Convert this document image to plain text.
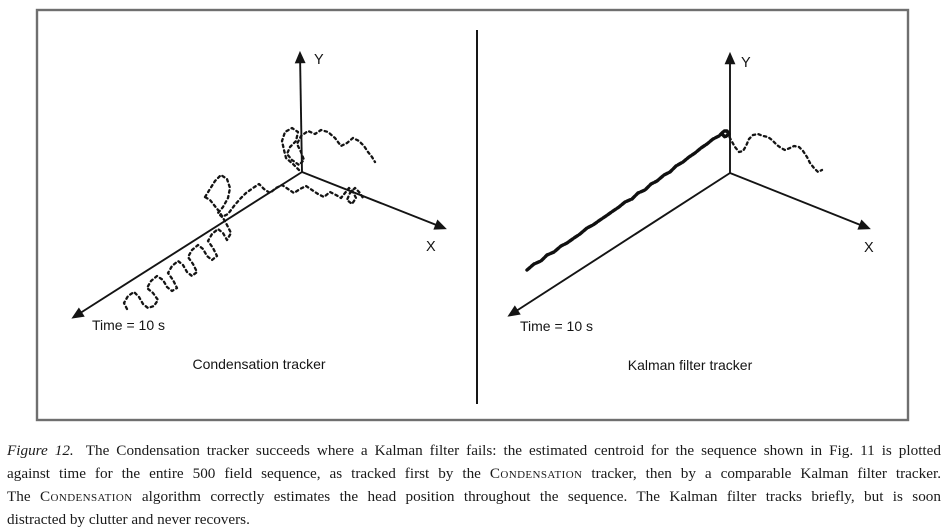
Y
X
Time = 10 s
Condensation tracker
Y
X
Time = 10 s
Kalman filter tracker
Figure 12. The Condensation tracker succeeds where a Kalman filter fails: the estimated centroid for the sequence shown in Fig. 11 is plotted
against time for the entire 500 field sequence, as tracked first by the Condensation tracker, then by a comparable Kalman filter tracker.
The Condensation algorithm correctly estimates the head position throughout the sequence. The Kalman filter tracks briefly, but is soon
distracted by clutter and never recovers.
